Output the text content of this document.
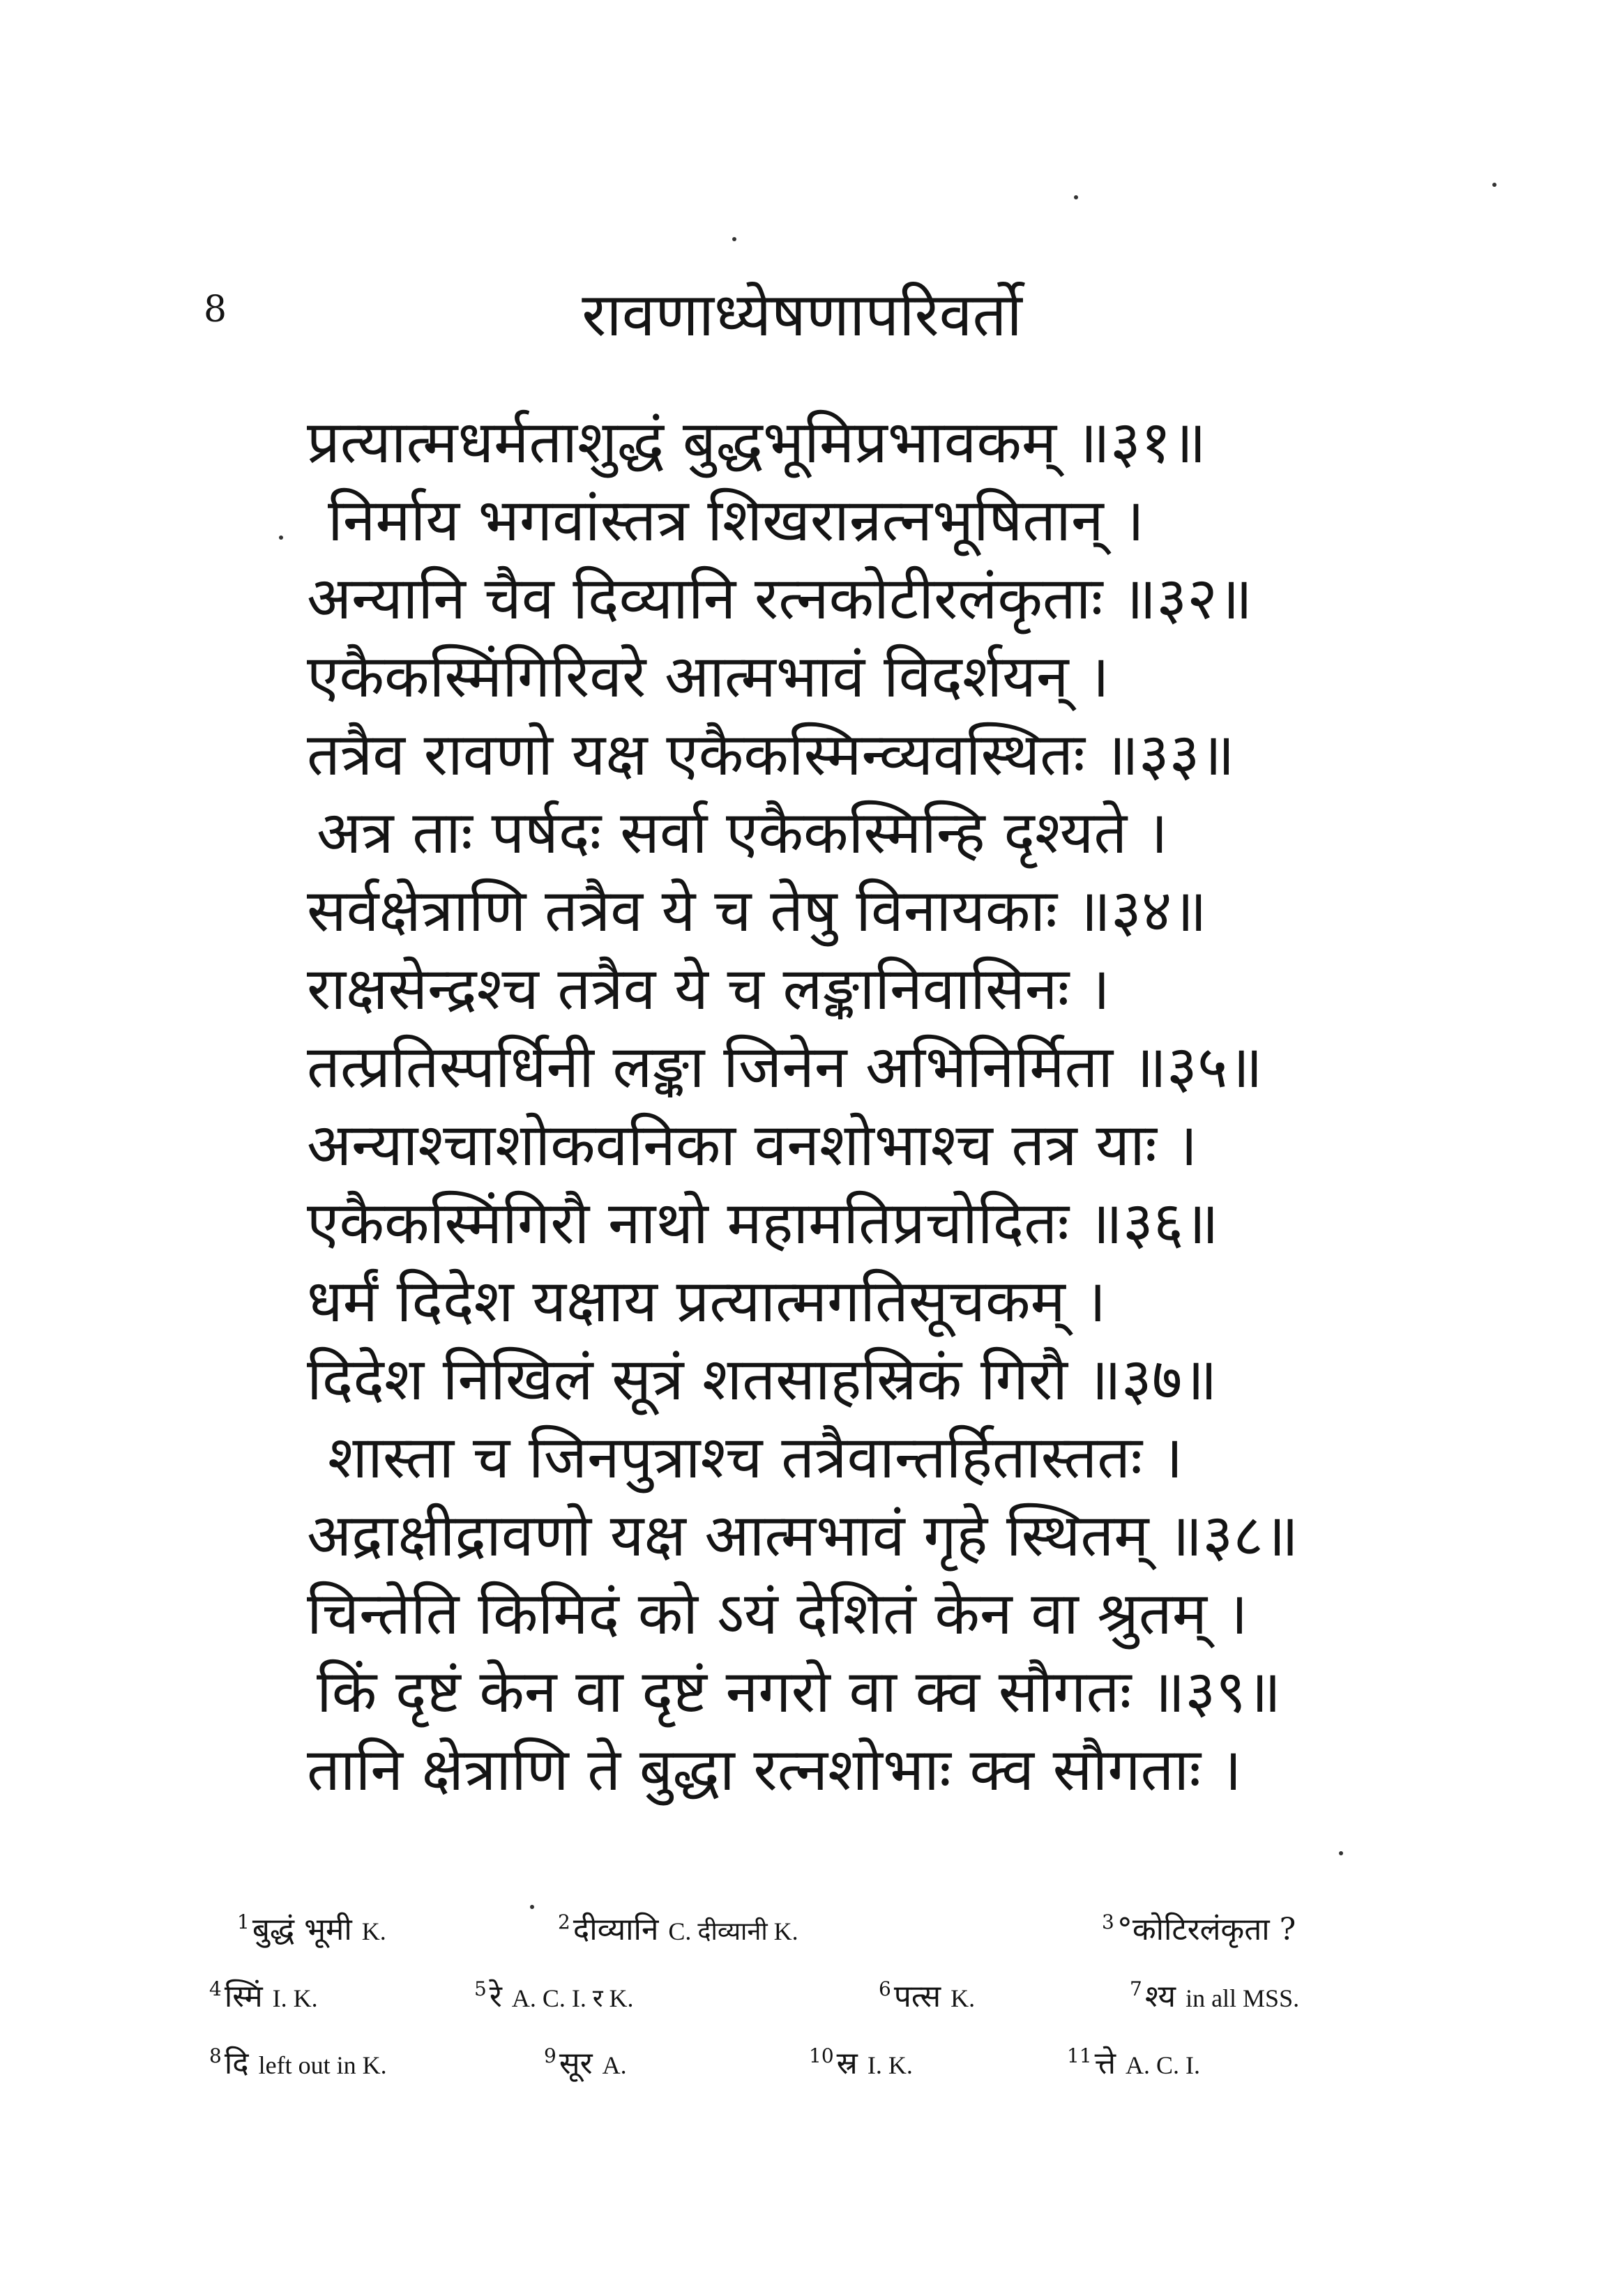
8	रावणाध्येषणापरिवर्तो
प्रत्यात्मधर्मताशुद्धं बुद्धभूमिप्रभावकम् ॥३१॥
निर्माय भगवांस्तत्र शिखरान्रत्नभूषितान् ।
अन्यानि चैव दिव्यानि रत्नकोटीरलंकृताः ॥३२॥
एकैकस्मिंगिरिवरे आत्मभावं विदर्शयन् ।
तत्रैव रावणो यक्ष एकैकस्मिन्व्यवस्थितः ॥३३॥
अत्र ताः पर्षदः सर्वा एकैकस्मिन्हि दृश्यते ।
सर्वक्षेत्राणि तत्रैव ये च तेषु विनायकाः ॥३४॥
राक्षसेन्द्रश्च तत्रैव ये च लङ्कानिवासिनः ।
तत्प्रतिस्पर्धिनी लङ्का जिनेन अभिनिर्मिता ॥३५॥
अन्याश्चाशोकवनिका वनशोभाश्च तत्र याः ।
एकैकस्मिंगिरौ नाथो महामतिप्रचोदितः ॥३६॥
धर्मं दिदेश यक्षाय प्रत्यात्मगतिसूचकम् ।
दिदेश निखिलं सूत्रं शतसाहस्रिकं गिरौ ॥३७॥
शास्ता च जिनपुत्राश्च तत्रैवान्तर्हितास्ततः ।
अद्राक्षीद्रावणो यक्ष आत्मभावं गृहे स्थितम् ॥३८॥
चिन्तेति किमिदं को ऽयं देशितं केन वा श्रुतम् ।
किं दृष्टं केन वा दृष्टं नगरो वा क्व सौगतः ॥३९॥
तानि क्षेत्राणि ते बुद्धा रत्नशोभाः क्व सौगताः ।
$^1$बुद्धं भूमी K.	$^2$दीव्यानि C. दीव्यानी K.	$^3$°कोटिरलंकृता ?
$^4$स्मिं I. K.	$^5$रे A. C. I. र K.	$^6$पत्स K.	$^7$श्य in all MSS.
$^8$दि left out in K.	$^9$सूर A.	$^{10}$स्र I. K.	$^{11}$त्ते A. C. I.
